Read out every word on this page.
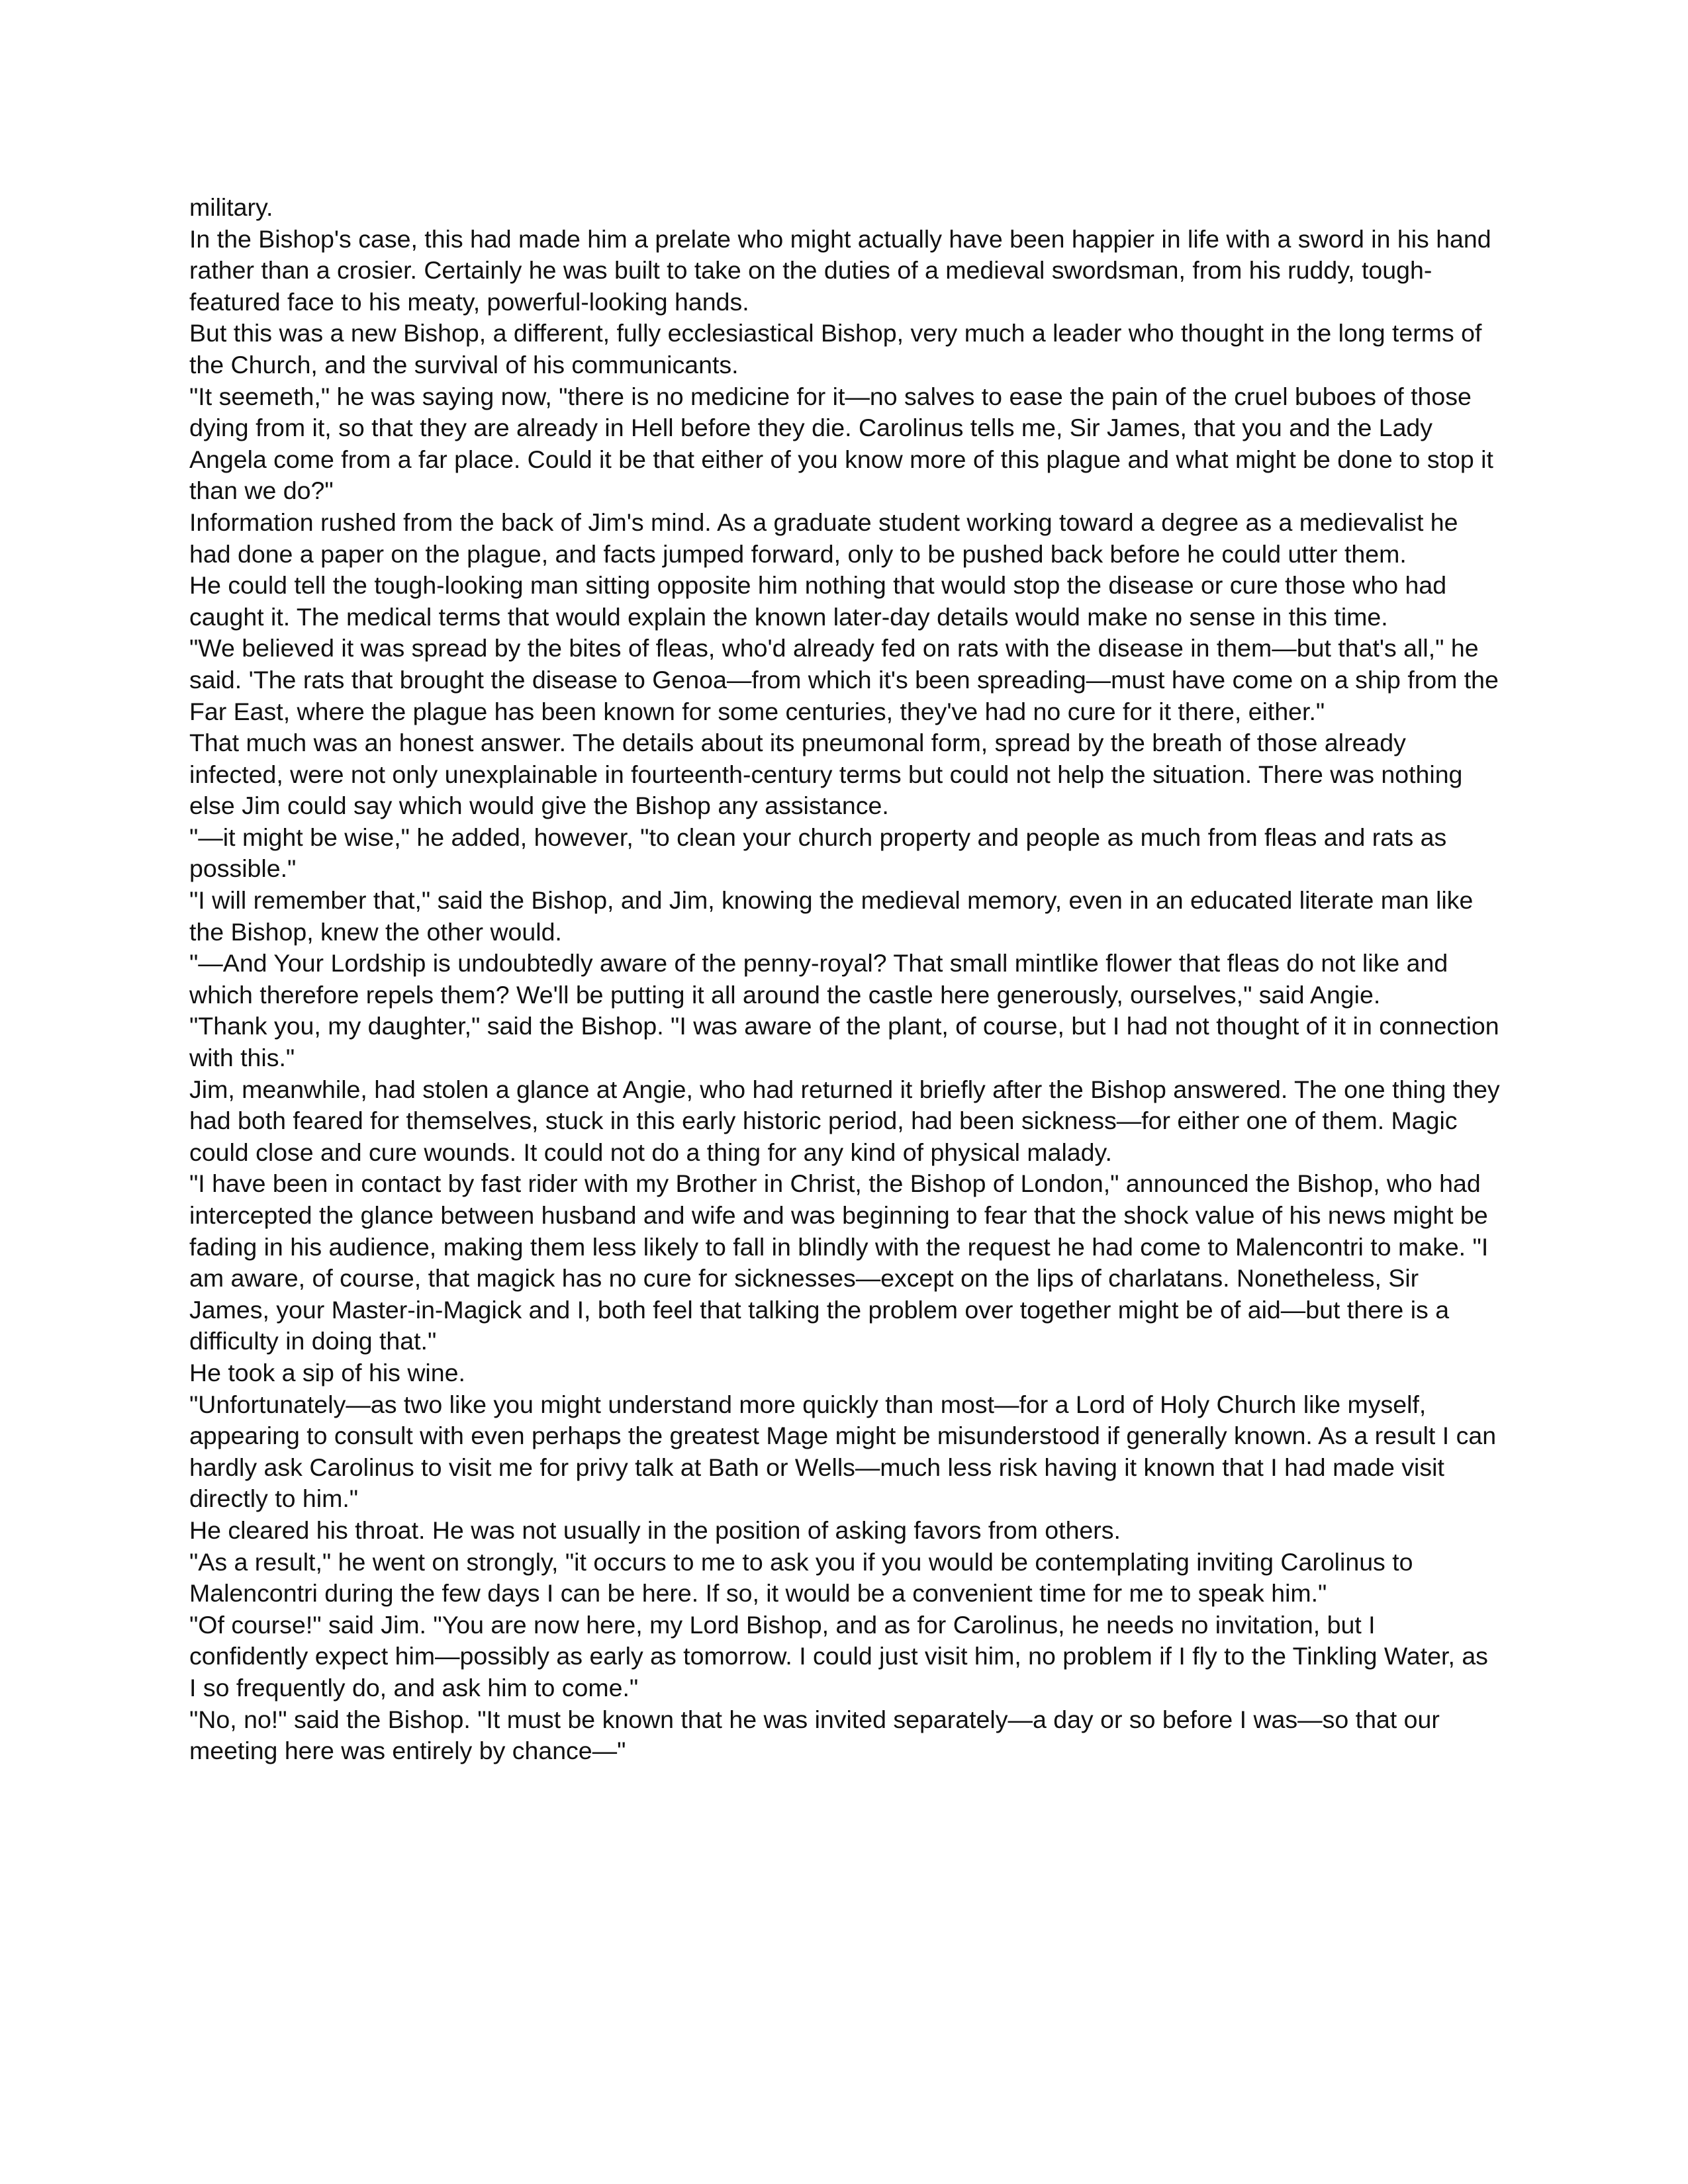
military.

In the Bishop's case, this had made him a prelate who might actually have been happier in life with a sword in his hand rather than a crosier. Certainly he was built to take on the duties of a medieval swordsman, from his ruddy, tough-featured face to his meaty, powerful-looking hands.

But this was a new Bishop, a different, fully ecclesiastical Bishop, very much a leader who thought in the long terms of the Church, and the survival of his communicants.

"It seemeth," he was saying now, "there is no medicine for it—no salves to ease the pain of the cruel buboes of those dying from it, so that they are already in Hell before they die. Carolinus tells me, Sir James, that you and the Lady Angela come from a far place. Could it be that either of you know more of this plague and what might be done to stop it than we do?"

Information rushed from the back of Jim's mind. As a graduate student working toward a degree as a medievalist he had done a paper on the plague, and facts jumped forward, only to be pushed back before he could utter them.

He could tell the tough-looking man sitting opposite him nothing that would stop the disease or cure those who had caught it. The medical terms that would explain the known later-day details would make no sense in this time.

"We believed it was spread by the bites of fleas, who'd already fed on rats with the disease in them—but that's all," he said. 'The rats that brought the disease to Genoa—from which it's been spreading—must have come on a ship from the Far East, where the plague has been known for some centuries, they've had no cure for it there, either."

That much was an honest answer. The details about its pneumonal form, spread by the breath of those already infected, were not only unexplainable in fourteenth-century terms but could not help the situation. There was nothing else Jim could say which would give the Bishop any assistance.

"—it might be wise," he added, however, "to clean your church property and people as much from fleas and rats as possible."

"I will remember that," said the Bishop, and Jim, knowing the medieval memory, even in an educated literate man like the Bishop, knew the other would.

"—And Your Lordship is undoubtedly aware of the penny-royal? That small mintlike flower that fleas do not like and which therefore repels them? We'll be putting it all around the castle here generously, ourselves," said Angie.

"Thank you, my daughter," said the Bishop. "I was aware of the plant, of course, but I had not thought of it in connection with this."

Jim, meanwhile, had stolen a glance at Angie, who had returned it briefly after the Bishop answered. The one thing they had both feared for themselves, stuck in this early historic period, had been sickness—for either one of them. Magic could close and cure wounds. It could not do a thing for any kind of physical malady.

"I have been in contact by fast rider with my Brother in Christ, the Bishop of London," announced the Bishop, who had intercepted the glance between husband and wife and was beginning to fear that the shock value of his news might be fading in his audience, making them less likely to fall in blindly with the request he had come to Malencontri to make. "I am aware, of course, that magick has no cure for sicknesses—except on the lips of charlatans. Nonetheless, Sir James, your Master-in-Magick and I, both feel that talking the problem over together might be of aid—but there is a difficulty in doing that."

He took a sip of his wine.

"Unfortunately—as two like you might understand more quickly than most—for a Lord of Holy Church like myself, appearing to consult with even perhaps the greatest Mage might be misunderstood if generally known. As a result I can hardly ask Carolinus to visit me for privy talk at Bath or Wells—much less risk having it known that I had made visit directly to him."

He cleared his throat. He was not usually in the position of asking favors from others.

"As a result," he went on strongly, "it occurs to me to ask you if you would be contemplating inviting Carolinus to Malencontri during the few days I can be here. If so, it would be a convenient time for me to speak him."

"Of course!" said Jim. "You are now here, my Lord Bishop, and as for Carolinus, he needs no invitation, but I confidently expect him—possibly as early as tomorrow. I could just visit him, no problem if I fly to the Tinkling Water, as I so frequently do, and ask him to come."

"No, no!" said the Bishop. "It must be known that he was invited separately—a day or so before I was—so that our meeting here was entirely by chance—"
